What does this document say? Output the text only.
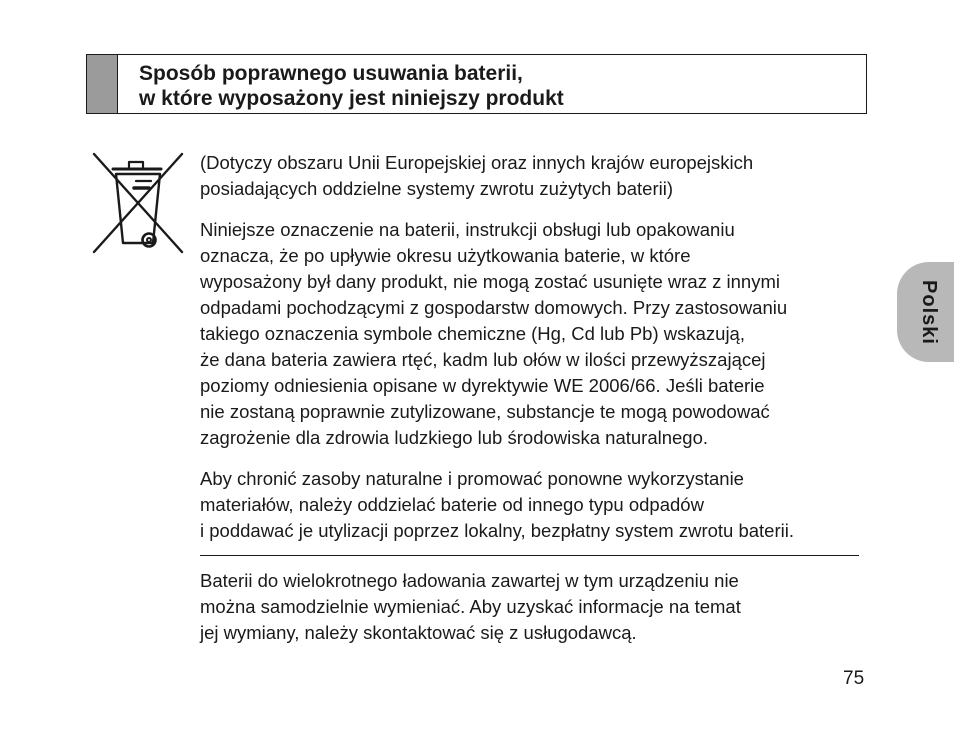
Sposób poprawnego usuwania baterii,
w które wyposażony jest niniejszy produkt

(Dotyczy obszaru Unii Europejskiej oraz innych krajów europejskich
posiadających oddzielne systemy zwrotu zużytych baterii)

Niniejsze oznaczenie na baterii, instrukcji obsługi lub opakowaniu
oznacza, że po upływie okresu użytkowania baterie, w które
wyposażony był dany produkt, nie mogą zostać usunięte wraz z innymi
odpadami pochodzącymi z gospodarstw domowych. Przy zastosowaniu
takiego oznaczenia symbole chemiczne (Hg, Cd lub Pb) wskazują,
że dana bateria zawiera rtęć, kadm lub ołów w ilości przewyższającej
poziomy odniesienia opisane w dyrektywie WE 2006/66. Jeśli baterie
nie zostaną poprawnie zutylizowane, substancje te mogą powodować
zagrożenie dla zdrowia ludzkiego lub środowiska naturalnego.

Aby chronić zasoby naturalne i promować ponowne wykorzystanie
materiałów, należy oddzielać baterie od innego typu odpadów
i poddawać je utylizacji poprzez lokalny, bezpłatny system zwrotu baterii.

Baterii do wielokrotnego ładowania zawartej w tym urządzeniu nie
można samodzielnie wymieniać. Aby uzyskać informacje na temat
jej wymiany, należy skontaktować się z usługodawcą.

Polski
75
